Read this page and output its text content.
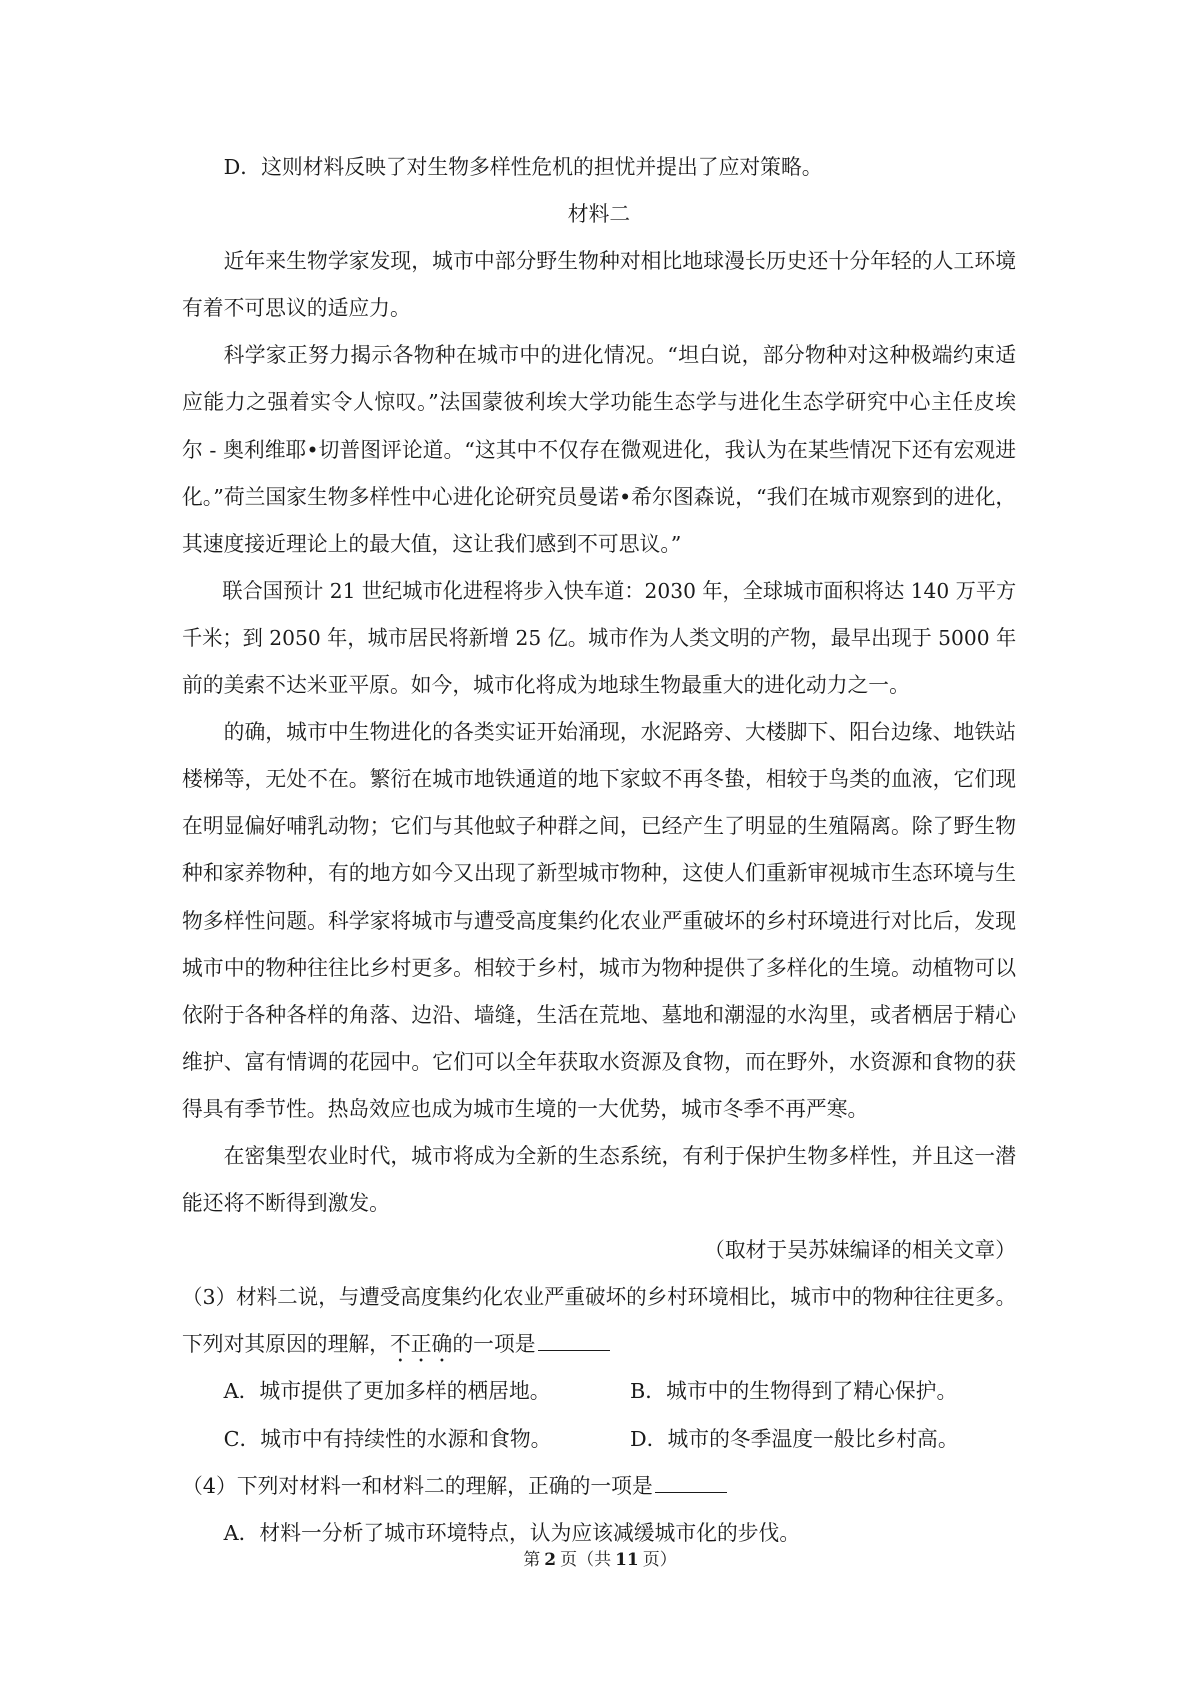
D．这则材料反映了对生物多样性危机的担忧并提出了应对策略。
材料二
近年来生物学家发现，城市中部分野生物种对相比地球漫长历史还十分年轻的人工环境
有着不可思议的适应力。
科学家正努力揭示各物种在城市中的进化情况。“坦白说，部分物种对这种极端约束适
应能力之强着实令人惊叹。”法国蒙彼利埃大学功能生态学与进化生态学研究中心主任皮埃
尔 - 奥利维耶•切普图评论道。“这其中不仅存在微观进化，我认为在某些情况下还有宏观进
化。”荷兰国家生物多样性中心进化论研究员曼诺•希尔图森说，“我们在城市观察到的进化，
其速度接近理论上的最大值，这让我们感到不可思议。”
联合国预计 21 世纪城市化进程将步入快车道：2030 年，全球城市面积将达 140 万平方
千米；到 2050 年，城市居民将新增 25 亿。城市作为人类文明的产物，最早出现于 5000 年
前的美索不达米亚平原。如今，城市化将成为地球生物最重大的进化动力之一。
的确，城市中生物进化的各类实证开始涌现，水泥路旁、大楼脚下、阳台边缘、地铁站
楼梯等，无处不在。繁衍在城市地铁通道的地下家蚊不再冬蛰，相较于鸟类的血液，它们现
在明显偏好哺乳动物；它们与其他蚊子种群之间，已经产生了明显的生殖隔离。除了野生物
种和家养物种，有的地方如今又出现了新型城市物种，这使人们重新审视城市生态环境与生
物多样性问题。科学家将城市与遭受高度集约化农业严重破坏的乡村环境进行对比后，发现
城市中的物种往往比乡村更多。相较于乡村，城市为物种提供了多样化的生境。动植物可以
依附于各种各样的角落、边沿、墙缝，生活在荒地、墓地和潮湿的水沟里，或者栖居于精心
维护、富有情调的花园中。它们可以全年获取水资源及食物，而在野外，水资源和食物的获
得具有季节性。热岛效应也成为城市生境的一大优势，城市冬季不再严寒。
在密集型农业时代，城市将成为全新的生态系统，有利于保护生物多样性，并且这一潜
能还将不断得到激发。
（取材于吴苏妹编译的相关文章）
（3）材料二说，与遭受高度集约化农业严重破坏的乡村环境相比，城市中的物种往往更多。
下列对其原因的理解，不正确的一项是
A．城市提供了更加多样的栖居地。	B．城市中的生物得到了精心保护。
C．城市中有持续性的水源和食物。	D．城市的冬季温度一般比乡村高。
（4）下列对材料一和材料二的理解，正确的一项是
A．材料一分析了城市环境特点，认为应该减缓城市化的步伐。
第 2 页（共 11 页）
